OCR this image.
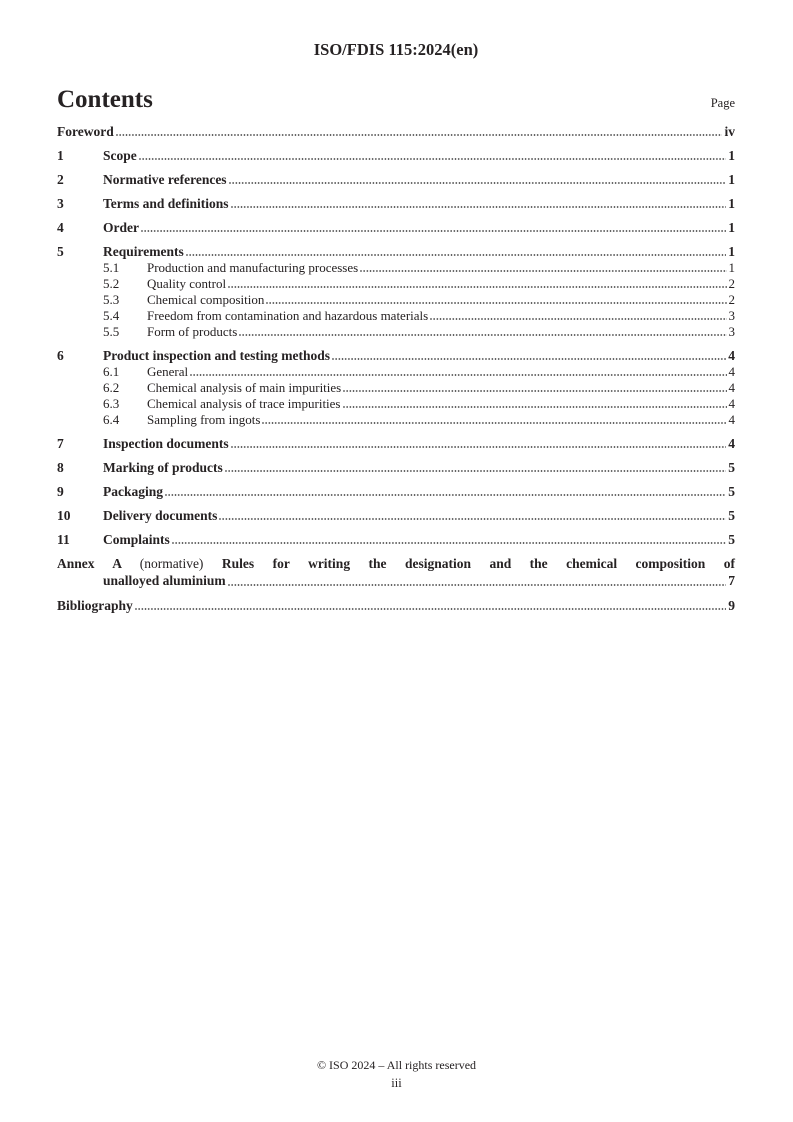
ISO/FDIS 115:2024(en)
Contents	Page
Foreword	iv
1	Scope	1
2	Normative references	1
3	Terms and definitions	1
4	Order	1
5	Requirements	1
5.1	Production and manufacturing processes	1
5.2	Quality control	2
5.3	Chemical composition	2
5.4	Freedom from contamination and hazardous materials	3
5.5	Form of products	3
6	Product inspection and testing methods	4
6.1	General	4
6.2	Chemical analysis of main impurities	4
6.3	Chemical analysis of trace impurities	4
6.4	Sampling from ingots	4
7	Inspection documents	4
8	Marking of products	5
9	Packaging	5
10	Delivery documents	5
11	Complaints	5
Annex A (normative) Rules for writing the designation and the chemical composition of
unalloyed aluminium	7
Bibliography	9
© ISO 2024 – All rights reserved
iii
